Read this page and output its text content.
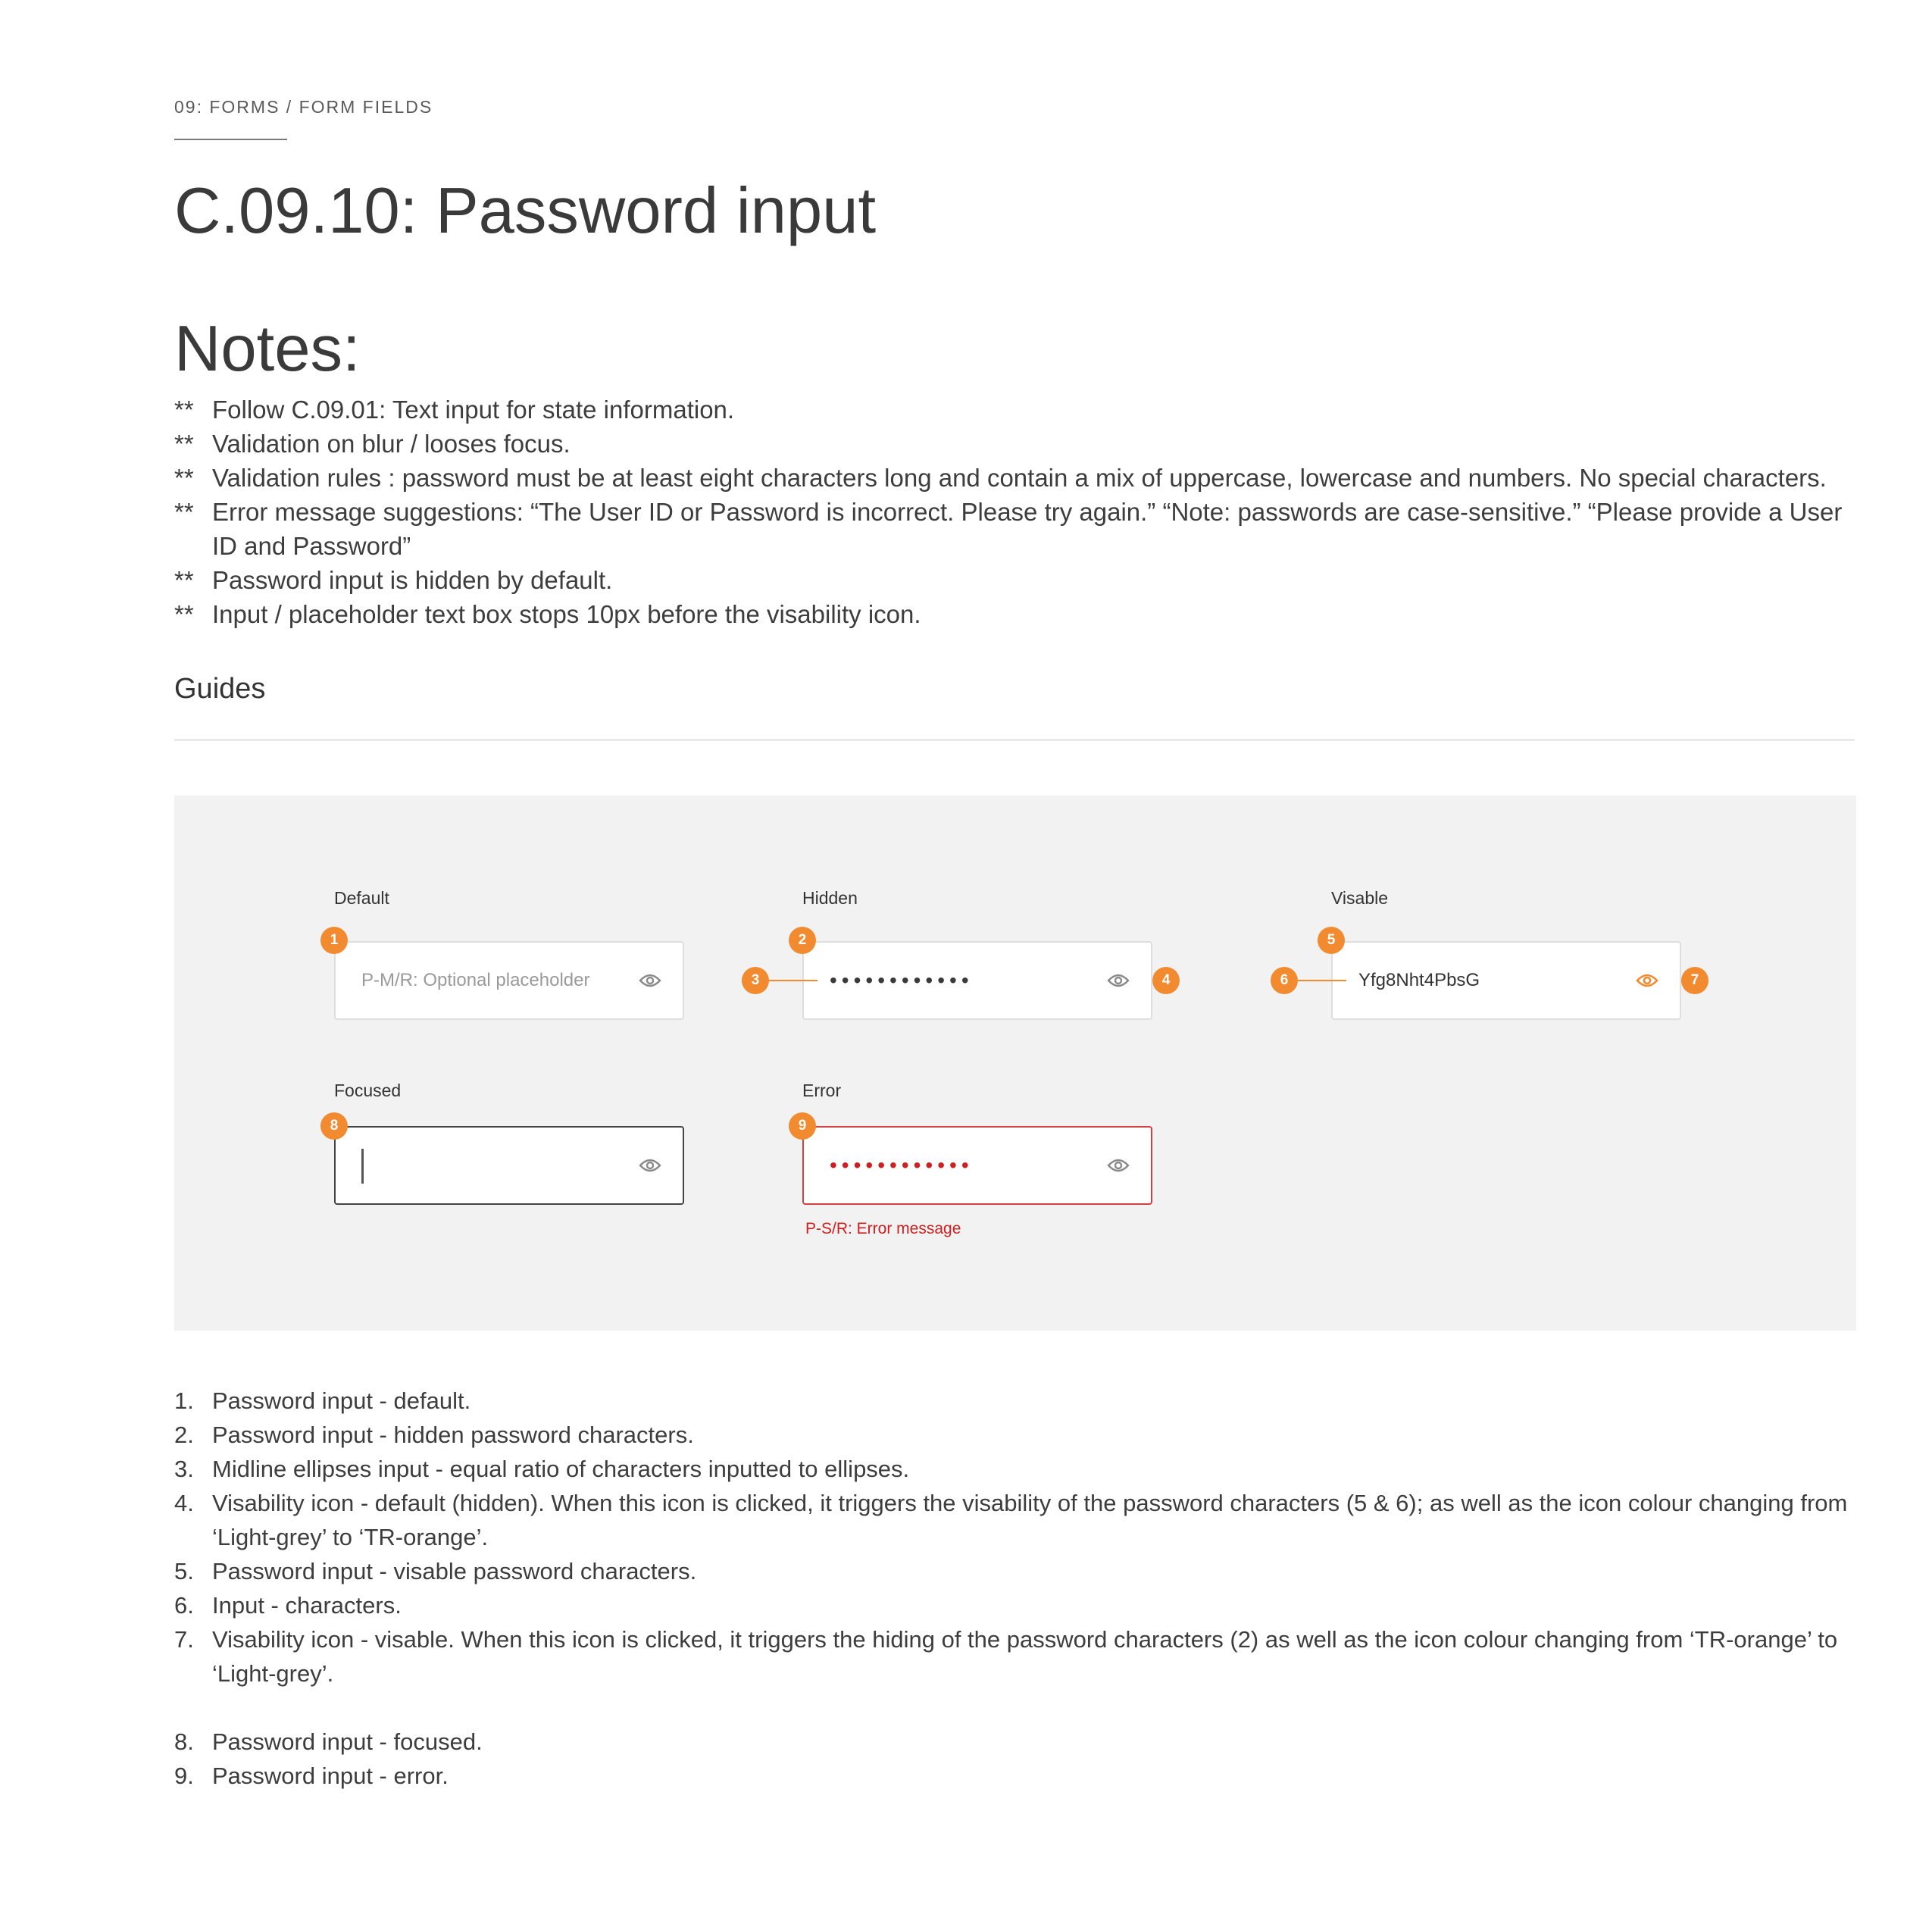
09: FORMS / FORM FIELDS
C.09.10: Password input
Notes:
** Follow C.09.01: Text input for state information.
** Validation on blur / looses focus.
** Validation rules : password must be at least eight characters long and contain a mix of uppercase, lowercase and numbers. No special characters.
** Error message suggestions: “The User ID or Password is incorrect. Please try again.” “Note: passwords are case-sensitive.” “Please provide a User ID and Password”
** Password input is hidden by default.
** Input / placeholder text box stops 10px before the visability icon.
Guides
Default
P-M/R: Optional placeholder
1
Hidden
••••••••••••
2
3	4
Visable
Yfg8Nht4PbsG
5
6	7
Focused
8
Error
••••••••••••
9
P-S/R: Error message
1. Password input - default.
2. Password input - hidden password characters.
3. Midline ellipses input - equal ratio of characters inputted to ellipses.
4. Visability icon - default (hidden). When this icon is clicked, it triggers the visability of the password characters (5 & 6); as well as the icon colour changing from ‘Light-grey’ to ‘TR-orange’.
5. Password input - visable password characters.
6. Input - characters.
7. Visability icon - visable. When this icon is clicked, it triggers the hiding of the password characters (2) as well as the icon colour changing from ‘TR-orange’ to ‘Light-grey’.
8. Password input - focused.
9. Password input - error.
